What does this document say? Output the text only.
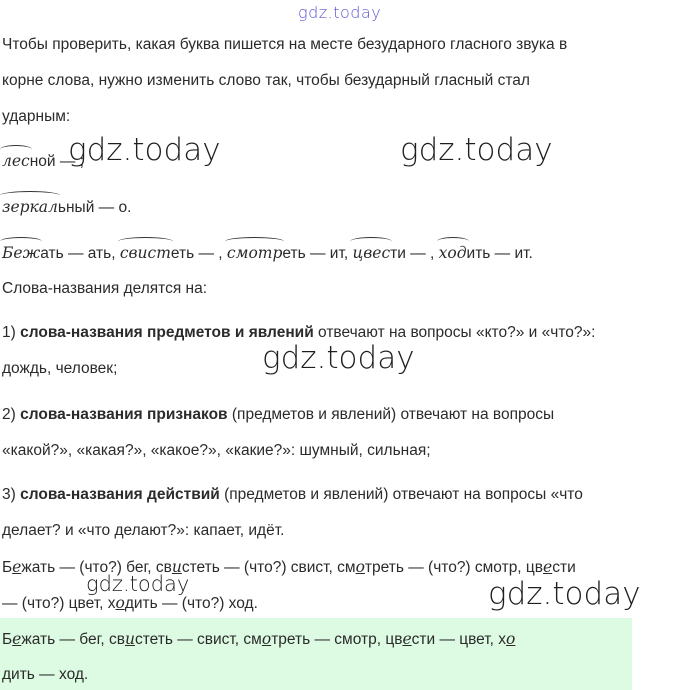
gdz.today
Чтобы проверить, какая буква пишется на месте безударного гласного звука в
корне слова, нужно изменить слово так, чтобы безударный гласный стал
ударным:
лесной — ;
gdz.today	gdz.today
зеркальный — о.
Бежать — ать, свистеть — , смотреть — ит, цвести — , ходить — ит.
Слова-названия делятся на:
1) слова-названия предметов и явлений отвечают на вопросы «кто?» и «что?»:
gdz.today
дождь, человек;
2) слова-названия признаков (предметов и явлений) отвечают на вопросы
«какой?», «какая?», «какое?», «какие?»: шумный, сильная;
3) слова-названия действий (предметов и явлений) отвечают на вопросы «что
делает? и «что делают?»: капает, идёт.
Бежать — (что?) бег, свистеть — (что?) свист, смотреть — (что?) смотр, цвести
gdz.today	gdz.today
— (что?) цвет, ходить — (что?) ход.
Бежать — бег, свистеть — свист, смотреть — смотр, цвести — цвет, хо
дить — ход.
